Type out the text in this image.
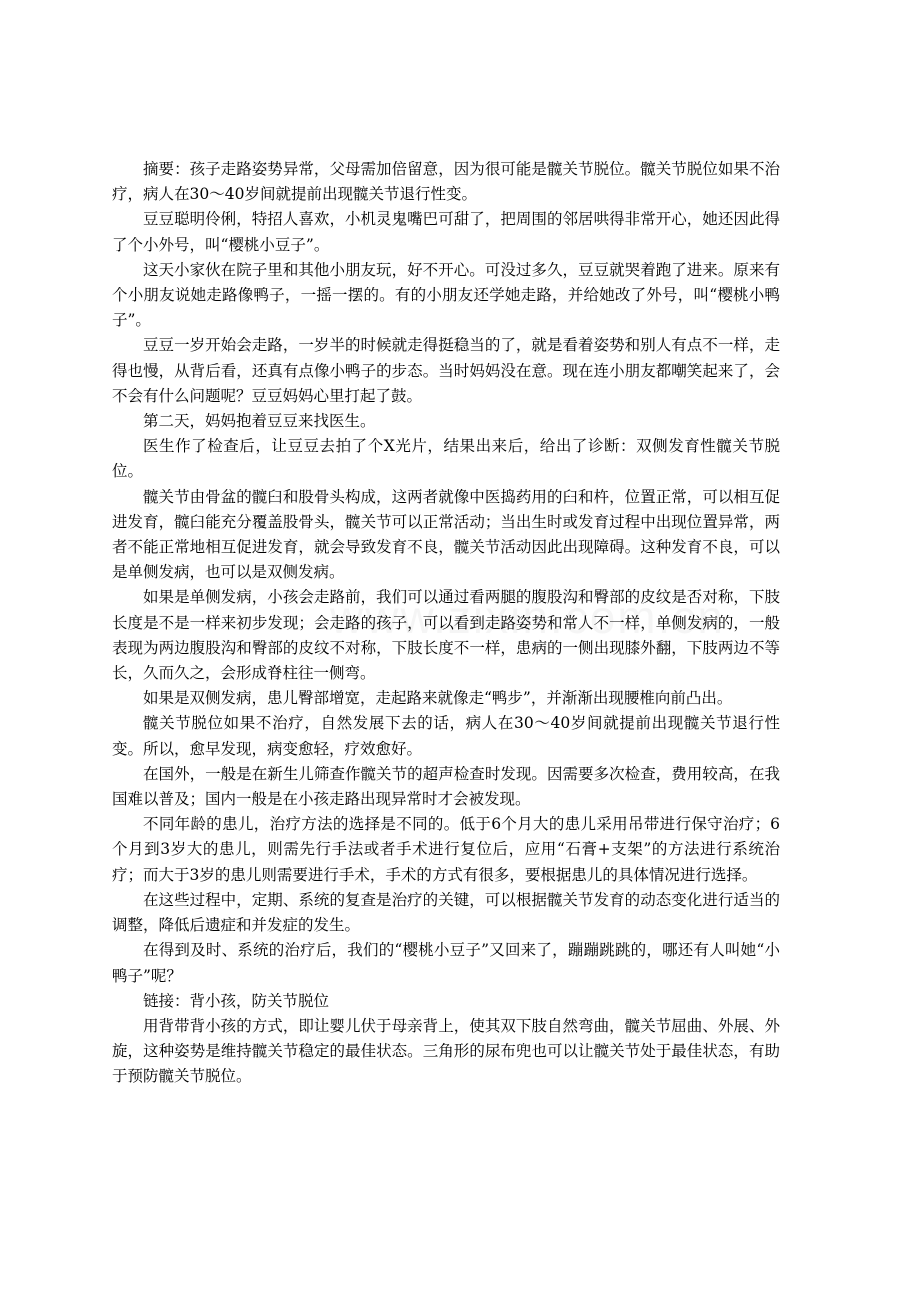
摘要：孩子走路姿势异常，父母需加倍留意，因为很可能是髋关节脱位。髋关节脱位如果不治疗，病人在30～40岁间就提前出现髋关节退行性变。

豆豆聪明伶俐，特招人喜欢，小机灵鬼嘴巴可甜了，把周围的邻居哄得非常开心，她还因此得了个小外号，叫“樱桃小豆子”。

这天小家伙在院子里和其他小朋友玩，好不开心。可没过多久，豆豆就哭着跑了进来。原来有个小朋友说她走路像鸭子，一摇一摆的。有的小朋友还学她走路，并给她改了外号，叫“樱桃小鸭子”。

豆豆一岁开始会走路，一岁半的时候就走得挺稳当的了，就是看着姿势和别人有点不一样，走得也慢，从背后看，还真有点像小鸭子的步态。当时妈妈没在意。现在连小朋友都嘲笑起来了，会不会有什么问题呢？豆豆妈妈心里打起了鼓。

第二天，妈妈抱着豆豆来找医生。

医生作了检查后，让豆豆去拍了个X光片，结果出来后，给出了诊断：双侧发育性髋关节脱位。

髋关节由骨盆的髋臼和股骨头构成，这两者就像中医捣药用的臼和杵，位置正常，可以相互促进发育，髋臼能充分覆盖股骨头，髋关节可以正常活动；当出生时或发育过程中出现位置异常，两者不能正常地相互促进发育，就会导致发育不良，髋关节活动因此出现障碍。这种发育不良，可以是单侧发病，也可以是双侧发病。

如果是单侧发病，小孩会走路前，我们可以通过看两腿的腹股沟和臀部的皮纹是否对称，下肢长度是不是一样来初步发现；会走路的孩子，可以看到走路姿势和常人不一样，单侧发病的，一般表现为两边腹股沟和臀部的皮纹不对称，下肢长度不一样，患病的一侧出现膝外翻，下肢两边不等长，久而久之，会形成脊柱往一侧弯。

如果是双侧发病，患儿臀部增宽，走起路来就像走“鸭步”，并渐渐出现腰椎向前凸出。

髋关节脱位如果不治疗，自然发展下去的话，病人在30～40岁间就提前出现髋关节退行性变。所以，愈早发现，病变愈轻，疗效愈好。

在国外，一般是在新生儿筛查作髋关节的超声检查时发现。因需要多次检查，费用较高，在我国难以普及；国内一般是在小孩走路出现异常时才会被发现。

不同年龄的患儿，治疗方法的选择是不同的。低于6个月大的患儿采用吊带进行保守治疗；6个月到3岁大的患儿，则需先行手法或者手术进行复位后，应用“石膏+支架”的方法进行系统治疗；而大于3岁的患儿则需要进行手术，手术的方式有很多，要根据患儿的具体情况进行选择。

在这些过程中，定期、系统的复查是治疗的关键，可以根据髋关节发育的动态变化进行适当的调整，降低后遗症和并发症的发生。

在得到及时、系统的治疗后，我们的“樱桃小豆子”又回来了，蹦蹦跳跳的，哪还有人叫她“小鸭子”呢？

链接：背小孩，防关节脱位

用背带背小孩的方式，即让婴儿伏于母亲背上，使其双下肢自然弯曲，髋关节屈曲、外展、外旋，这种姿势是维持髋关节稳定的最佳状态。三角形的尿布兜也可以让髋关节处于最佳状态，有助于预防髋关节脱位。
